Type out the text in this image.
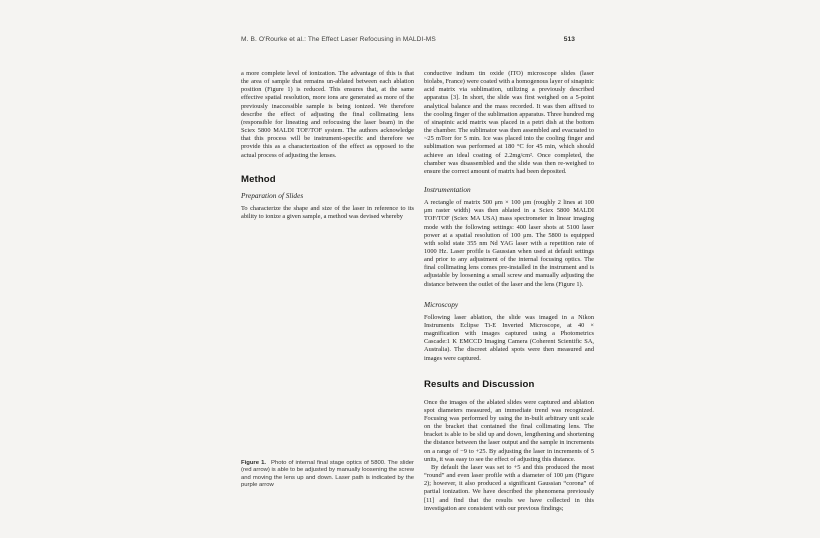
M. B. O'Rourke et al.: The Effect Laser Refocusing in MALDI-MS	513

a more complete level of ionization. The advantage of this is that the area of sample that remains un-ablated between each ablation position (Figure 1) is reduced. This ensures that, at the same effective spatial resolution, more ions are generated as more of the previously inaccessible sample is being ionized. We therefore describe the effect of adjusting the final collimating lens (responsible for lineating and refocusing the laser beam) in the Sciex 5800 MALDI TOF/TOF system. The authors acknowledge that this process will be instrument-specific and therefore we provide this as a characterization of the effect as opposed to the actual process of adjusting the lenses.

Method
Preparation of Slides

To characterize the shape and size of the laser in reference to its ability to ionize a given sample, a method was devised whereby

Figure 1. Photo of internal final stage optics of 5800. The slider (red arrow) is able to be adjusted by manually loosening the screw and moving the lens up and down. Laser path is indicated by the purple arrow

conductive indium tin oxide (ITO) microscope slides (laser biolabs, France) were coated with a homogenous layer of sinapinic acid matrix via sublimation, utilizing a previously described apparatus [3]. In short, the slide was first weighed on a 5-point analytical balance and the mass recorded. It was then affixed to the cooling finger of the sublimation apparatus. Three hundred mg of sinapinic acid matrix was placed in a petri dish at the bottom the chamber. The sublimator was then assembled and evacuated to ~25 mTorr for 5 min. Ice was placed into the cooling finger and sublimation was performed at 180 °C for 45 min, which should achieve an ideal coating of 2.2mg/cm². Once completed, the chamber was disassembled and the slide was then re-weighed to ensure the correct amount of matrix had been deposited.

Instrumentation

A rectangle of matrix 500 μm × 100 μm (roughly 2 lines at 100 μm raster width) was then ablated in a Sciex 5800 MALDI TOF/TOF (Sciex MA USA) mass spectrometer in linear imaging mode with the following settings: 400 laser shots at 5100 laser power at a spatial resolution of 100 μm. The 5800 is equipped with solid state 355 nm Nd YAG laser with a repetition rate of 1000 Hz. Laser profile is Gaussian when used at default settings and prior to any adjustment of the internal focusing optics. The final collimating lens comes pre-installed in the instrument and is adjustable by loosening a small screw and manually adjusting the distance between the outlet of the laser and the lens (Figure 1).

Microscopy

Following laser ablation, the slide was imaged in a Nikon Instruments Eclipse Ti-E Inverted Microscope, at 40 × magnification with images captured using a Photometrics Cascade:1 K EMCCD Imaging Camera (Coherent Scientific SA, Australia). The discreet ablated spots were then measured and images were captured.

Results and Discussion

Once the images of the ablated slides were captured and ablation spot diameters measured, an immediate trend was recognized. Focusing was performed by using the in-built arbitrary unit scale on the bracket that contained the final collimating lens. The bracket is able to be slid up and down, lengthening and shortening the distance between the laser output and the sample in increments on a range of −9 to +25. By adjusting the laser in increments of 5 units, it was easy to see the effect of adjusting this distance.

By default the laser was set to +5 and this produced the most “round” and even laser profile with a diameter of 100 μm (Figure 2); however, it also produced a significant Gaussian “corona” of partial ionization. We have described the phenomena previously [11] and find that the results we have collected in this investigation are consistent with our previous findings;
